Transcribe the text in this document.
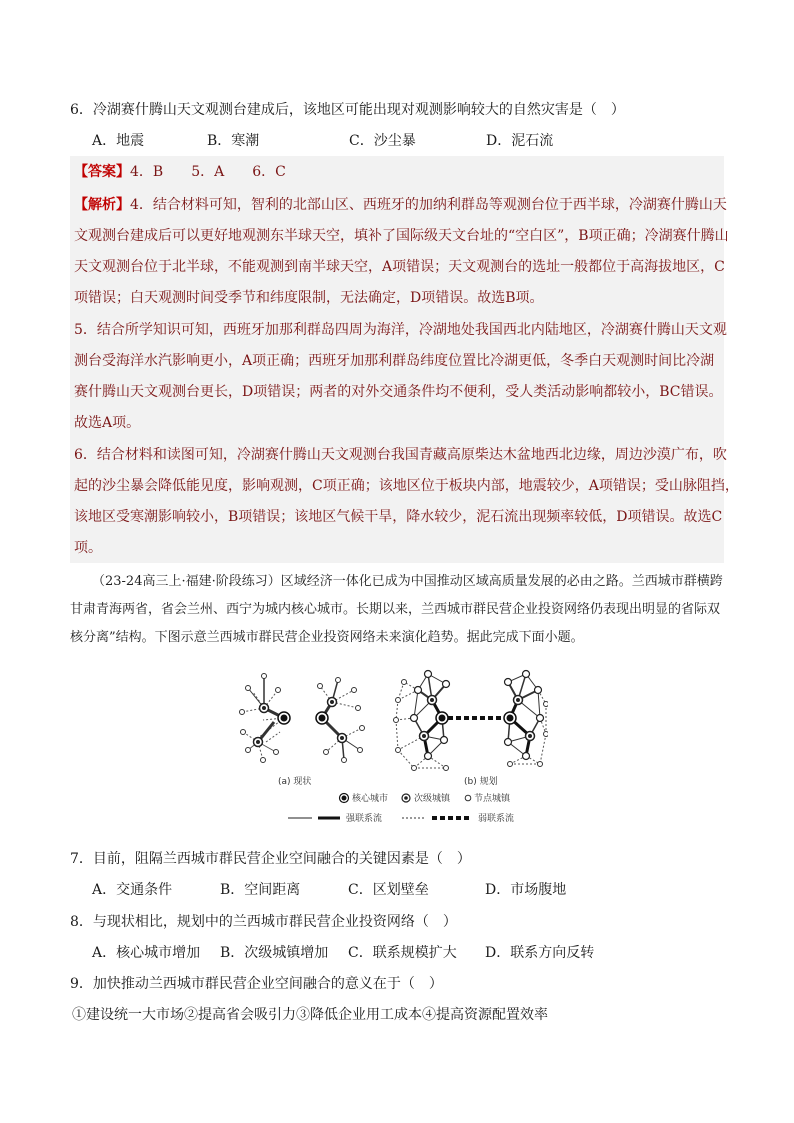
6．冷湖赛什腾山天文观测台建成后，该地区可能出现对观测影响较大的自然灾害是（　）
A．地震	B．寒潮	C．沙尘暴	D．泥石流
【答案】4．B　　5．A　　6．C
【解析】4．结合材料可知，智利的北部山区、西班牙的加纳利群岛等观测台位于西半球，冷湖赛什腾山天
文观测台建成后可以更好地观测东半球天空，填补了国际级天文台址的“空白区”，B项正确；冷湖赛什腾山
天文观测台位于北半球，不能观测到南半球天空，A项错误；天文观测台的选址一般都位于高海拔地区，C
项错误；白天观测时间受季节和纬度限制，无法确定，D项错误。故选B项。
5．结合所学知识可知，西班牙加那利群岛四周为海洋，冷湖地处我国西北内陆地区，冷湖赛什腾山天文观
测台受海洋水汽影响更小，A项正确；西班牙加那利群岛纬度位置比冷湖更低，冬季白天观测时间比冷湖
赛什腾山天文观测台更长，D项错误；两者的对外交通条件均不便利，受人类活动影响都较小，BC错误。
故选A项。
6．结合材料和读图可知，冷湖赛什腾山天文观测台我国青藏高原柴达木盆地西北边缘，周边沙漠广布，吹
起的沙尘暴会降低能见度，影响观测，C项正确；该地区位于板块内部，地震较少，A项错误；受山脉阻挡，
该地区受寒潮影响较小，B项错误；该地区气候干旱，降水较少，泥石流出现频率较低，D项错误。故选C
项。
（23-24高三上·福建·阶段练习）区域经济一体化已成为中国推动区域高质量发展的必由之路。兰西城市群横跨甘肃青海两省，省会兰州、西宁为城内核心城市。长期以来，兰西城市群民营企业投资网络仍表现出明显的省际双核分离”结构。下图示意兰西城市群民营企业投资网络未来演化趋势。据此完成下面小题。
(a) 现状	(b) 规划
核心城市	次级城镇	节点城镇
强联系流	弱联系流
7．目前，阻隔兰西城市群民营企业空间融合的关键因素是（　）
A．交通条件	B．空间距离	C．区划壁垒	D．市场腹地
8．与现状相比，规划中的兰西城市群民营企业投资网络（　）
A．核心城市增加 B．次级城镇增加 C．联系规模扩大 D．联系方向反转
9．加快推动兰西城市群民营企业空间融合的意义在于（　）
①建设统一大市场②提高省会吸引力③降低企业用工成本④提高资源配置效率
